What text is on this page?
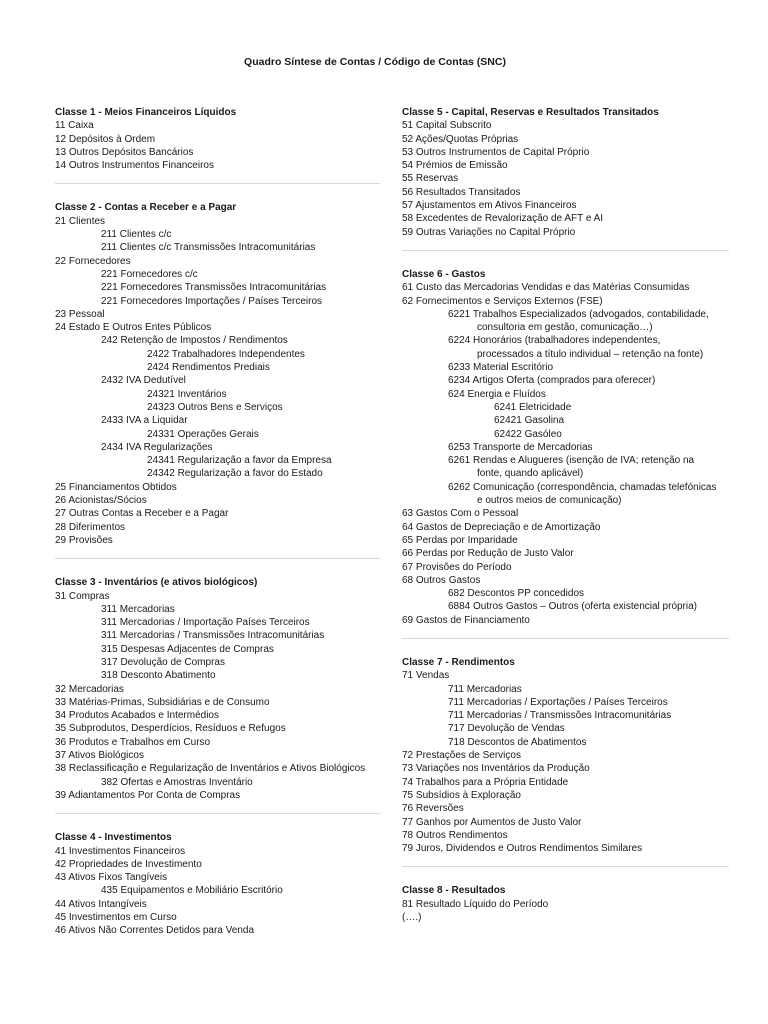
Quadro Síntese de Contas / Código de Contas (SNC)
Classe 1 - Meios Financeiros Líquidos
11 Caixa
12 Depósitos à Ordem
13 Outros Depósitos Bancários
14 Outros Instrumentos Financeiros
Classe 2 - Contas a Receber e a Pagar
21 Clientes
211 Clientes c/c
211 Clientes c/c Transmissões Intracomunitárias
22 Fornecedores
221 Fornecedores c/c
221 Fornecedores Transmissões Intracomunitárias
221 Fornecedores Importações / Países Terceiros
23 Pessoal
24 Estado E Outros Entes Públicos
242 Retenção de Impostos / Rendimentos
2422 Trabalhadores Independentes
2424 Rendimentos Prediais
2432 IVA Dedutível
24321 Inventários
24323 Outros Bens e Serviços
2433 IVA a Liquidar
24331 Operações Gerais
2434 IVA Regularizações
24341 Regularização a favor da Empresa
24342 Regularização a favor do Estado
25 Financiamentos Obtidos
26 Acionistas/Sócios
27 Outras Contas a Receber e a Pagar
28 Diferimentos
29 Provisões
Classe 3 - Inventários (e ativos biológicos)
31 Compras
311 Mercadorias
311 Mercadorias / Importação Países Terceiros
311 Mercadorias / Transmissões Intracomunitárias
315 Despesas Adjacentes de Compras
317 Devolução de Compras
318 Desconto Abatimento
32 Mercadorias
33 Matérias-Primas, Subsidiárias e de Consumo
34 Produtos Acabados e Intermédios
35 Subprodutos, Desperdícios, Resíduos e Refugos
36 Produtos e Trabalhos em Curso
37 Ativos Biológicos
38 Reclassificação e Regularização de Inventários e Ativos Biológicos
382 Ofertas e Amostras Inventário
39 Adiantamentos Por Conta de Compras
Classe 4 - Investimentos
41 Investimentos Financeiros
42 Propriedades de Investimento
43 Ativos Fixos Tangíveis
435 Equipamentos e Mobiliário Escritório
44 Ativos Intangíveis
45 Investimentos em Curso
46 Ativos Não Correntes Detidos para Venda
Classe 5 - Capital, Reservas e Resultados Transitados
51 Capital Subscrito
52 Ações/Quotas Próprias
53 Outros Instrumentos de Capital Próprio
54 Prémios de Emissão
55 Reservas
56 Resultados Transitados
57 Ajustamentos em Ativos Financeiros
58 Excedentes de Revalorização de AFT e AI
59 Outras Variações no Capital Próprio
Classe 6 - Gastos
61 Custo das Mercadorias Vendidas e das Matérias Consumidas
62 Fornecimentos e Serviços Externos (FSE)
6221 Trabalhos Especializados (advogados, contabilidade,
consultoria em gestão, comunicação…)
6224 Honorários (trabalhadores independentes,
processados a título individual – retenção na fonte)
6233 Material Escritório
6234 Artigos Oferta (comprados para oferecer)
624 Energia e Fluídos
6241 Eletricidade
62421 Gasolina
62422 Gasóleo
6253 Transporte de Mercadorias
6261 Rendas e Alugueres (isenção de IVA; retenção na
fonte, quando aplicável)
6262 Comunicação (correspondência, chamadas telefónicas
e outros meios de comunicação)
63 Gastos Com o Pessoal
64 Gastos de Depreciação e de Amortização
65 Perdas por Imparidade
66 Perdas por Redução de Justo Valor
67 Provisões do Período
68 Outros Gastos
682 Descontos PP concedidos
6884 Outros Gastos – Outros (oferta existencial própria)
69 Gastos de Financiamento
Classe 7 - Rendimentos
71 Vendas
711 Mercadorias
711 Mercadorias / Exportações / Países Terceiros
711 Mercadorias / Transmissões Intracomunitárias
717 Devolução de Vendas
718 Descontos de Abatimentos
72 Prestações de Serviços
73 Variações nos Inventários da Produção
74 Trabalhos para a Própria Entidade
75 Subsídios à Exploração
76 Reversões
77 Ganhos por Aumentos de Justo Valor
78 Outros Rendimentos
79 Juros, Dividendos e Outros Rendimentos Similares
Classe 8 - Resultados
81 Resultado Líquido do Período
(….)
